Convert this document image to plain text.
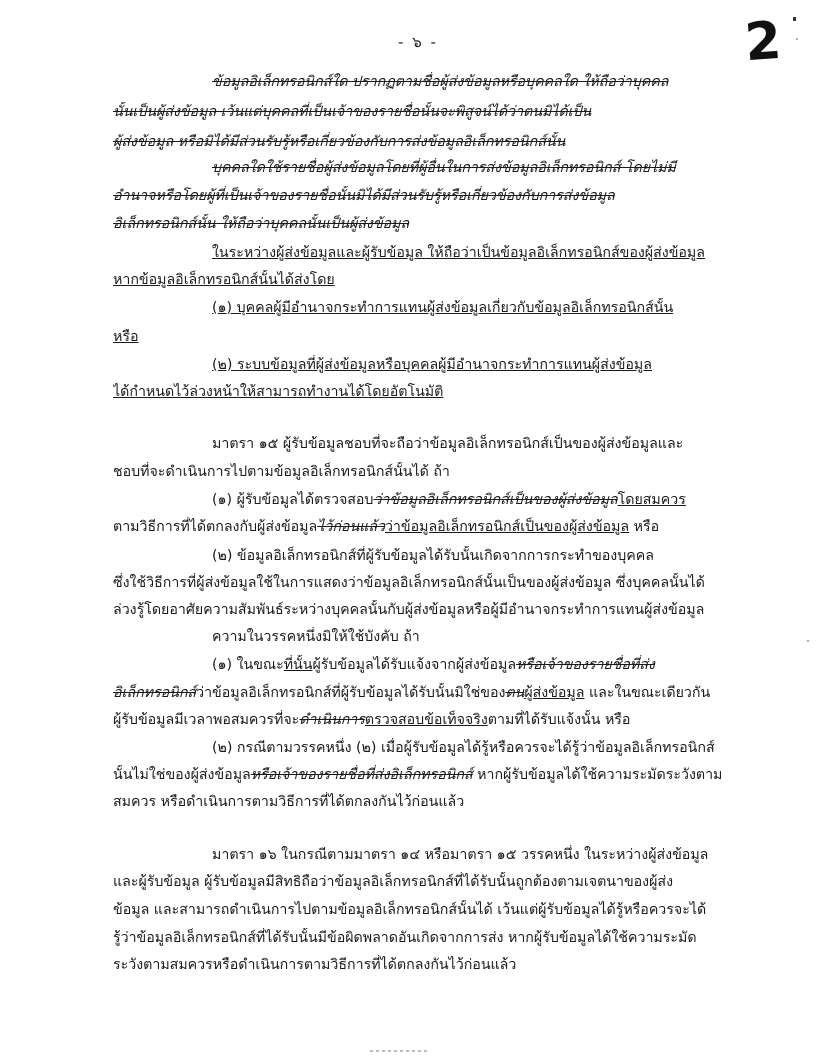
- ๖ -	2
ข้อมูลอิเล็กทรอนิกส์ใด ปรากฏตามชื่อผู้ส่งข้อมูลหรือบุคคลใด ให้ถือว่าบุคคล
นั้นเป็นผู้ส่งข้อมูล เว้นแต่บุคคลที่เป็นเจ้าของรายชื่อนั้นจะพิสูจน์ได้ว่าตนมิได้เป็น
ผู้ส่งข้อมูล หรือมิได้มีส่วนรับรู้หรือเกี่ยวข้องกับการส่งข้อมูลอิเล็กทรอนิกส์นั้น
บุคคลใดใช้รายชื่อผู้ส่งข้อมูลโดยที่ผู้อื่นในการส่งข้อมูลอิเล็กทรอนิกส์ โดยไม่มี
อำนาจหรือโดยผู้ที่เป็นเจ้าของรายชื่อนั้นมิได้มีส่วนรับรู้หรือเกี่ยวข้องกับการส่งข้อมูล
อิเล็กทรอนิกส์นั้น ให้ถือว่าบุคคลนั้นเป็นผู้ส่งข้อมูล
ในระหว่างผู้ส่งข้อมูลและผู้รับข้อมูล ให้ถือว่าเป็นข้อมูลอิเล็กทรอนิกส์ของผู้ส่งข้อมูล
หากข้อมูลอิเล็กทรอนิกส์นั้นได้ส่งโดย
(๑) บุคคลผู้มีอำนาจกระทำการแทนผู้ส่งข้อมูลเกี่ยวกับข้อมูลอิเล็กทรอนิกส์นั้น
หรือ
(๒) ระบบข้อมูลที่ผู้ส่งข้อมูลหรือบุคคลผู้มีอำนาจกระทำการแทนผู้ส่งข้อมูล
ได้กำหนดไว้ล่วงหน้าให้สามารถทำงานได้โดยอัตโนมัติ
มาตรา ๑๕ ผู้รับข้อมูลชอบที่จะถือว่าข้อมูลอิเล็กทรอนิกส์เป็นของผู้ส่งข้อมูลและ
ชอบที่จะดำเนินการไปตามข้อมูลอิเล็กทรอนิกส์นั้นได้ ถ้า
(๑) ผู้รับข้อมูลได้ตรวจสอบว่าข้อมูลอิเล็กทรอนิกส์เป็นของผู้ส่งข้อมูลโดยสมควร
ตามวิธีการที่ได้ตกลงกับผู้ส่งข้อมูลไว้ก่อนแล้วว่าข้อมูลอิเล็กทรอนิกส์เป็นของผู้ส่งข้อมูล หรือ
(๒) ข้อมูลอิเล็กทรอนิกส์ที่ผู้รับข้อมูลได้รับนั้นเกิดจากการกระทำของบุคคล
ซึ่งใช้วิธีการที่ผู้ส่งข้อมูลใช้ในการแสดงว่าข้อมูลอิเล็กทรอนิกส์นั้นเป็นของผู้ส่งข้อมูล ซึ่งบุคคลนั้นได้
ล่วงรู้โดยอาศัยความสัมพันธ์ระหว่างบุคคลนั้นกับผู้ส่งข้อมูลหรือผู้มีอำนาจกระทำการแทนผู้ส่งข้อมูล
ความในวรรคหนึ่งมิให้ใช้บังคับ ถ้า
(๑) ในขณะที่นั้นผู้รับข้อมูลได้รับแจ้งจากผู้ส่งข้อมูลหรือเจ้าของรายชื่อที่ส่ง
อิเล็กทรอนิกส์ว่าข้อมูลอิเล็กทรอนิกส์ที่ผู้รับข้อมูลได้รับนั้นมิใช่ของตนผู้ส่งข้อมูล และในขณะเดียวกัน
ผู้รับข้อมูลมีเวลาพอสมควรที่จะดำเนินการตรวจสอบข้อเท็จจริงตามที่ได้รับแจ้งนั้น หรือ
(๒) กรณีตามวรรคหนึ่ง (๒) เมื่อผู้รับข้อมูลได้รู้หรือควรจะได้รู้ว่าข้อมูลอิเล็กทรอนิกส์
นั้นไม่ใช่ของผู้ส่งข้อมูลหรือเจ้าของรายชื่อที่ส่งอิเล็กทรอนิกส์ หากผู้รับข้อมูลได้ใช้ความระมัดระวังตาม
สมควร หรือดำเนินการตามวิธีการที่ได้ตกลงกันไว้ก่อนแล้ว
มาตรา ๑๖ ในกรณีตามมาตรา ๑๔ หรือมาตรา ๑๕ วรรคหนึ่ง ในระหว่างผู้ส่งข้อมูล
และผู้รับข้อมูล ผู้รับข้อมูลมีสิทธิถือว่าข้อมูลอิเล็กทรอนิกส์ที่ได้รับนั้นถูกต้องตามเจตนาของผู้ส่ง
ข้อมูล และสามารถดำเนินการไปตามข้อมูลอิเล็กทรอนิกส์นั้นได้ เว้นแต่ผู้รับข้อมูลได้รู้หรือควรจะได้
รู้ว่าข้อมูลอิเล็กทรอนิกส์ที่ได้รับนั้นมีข้อผิดพลาดอันเกิดจากการส่ง หากผู้รับข้อมูลได้ใช้ความระมัด
ระวังตามสมควรหรือดำเนินการตามวิธีการที่ได้ตกลงกันไว้ก่อนแล้ว
